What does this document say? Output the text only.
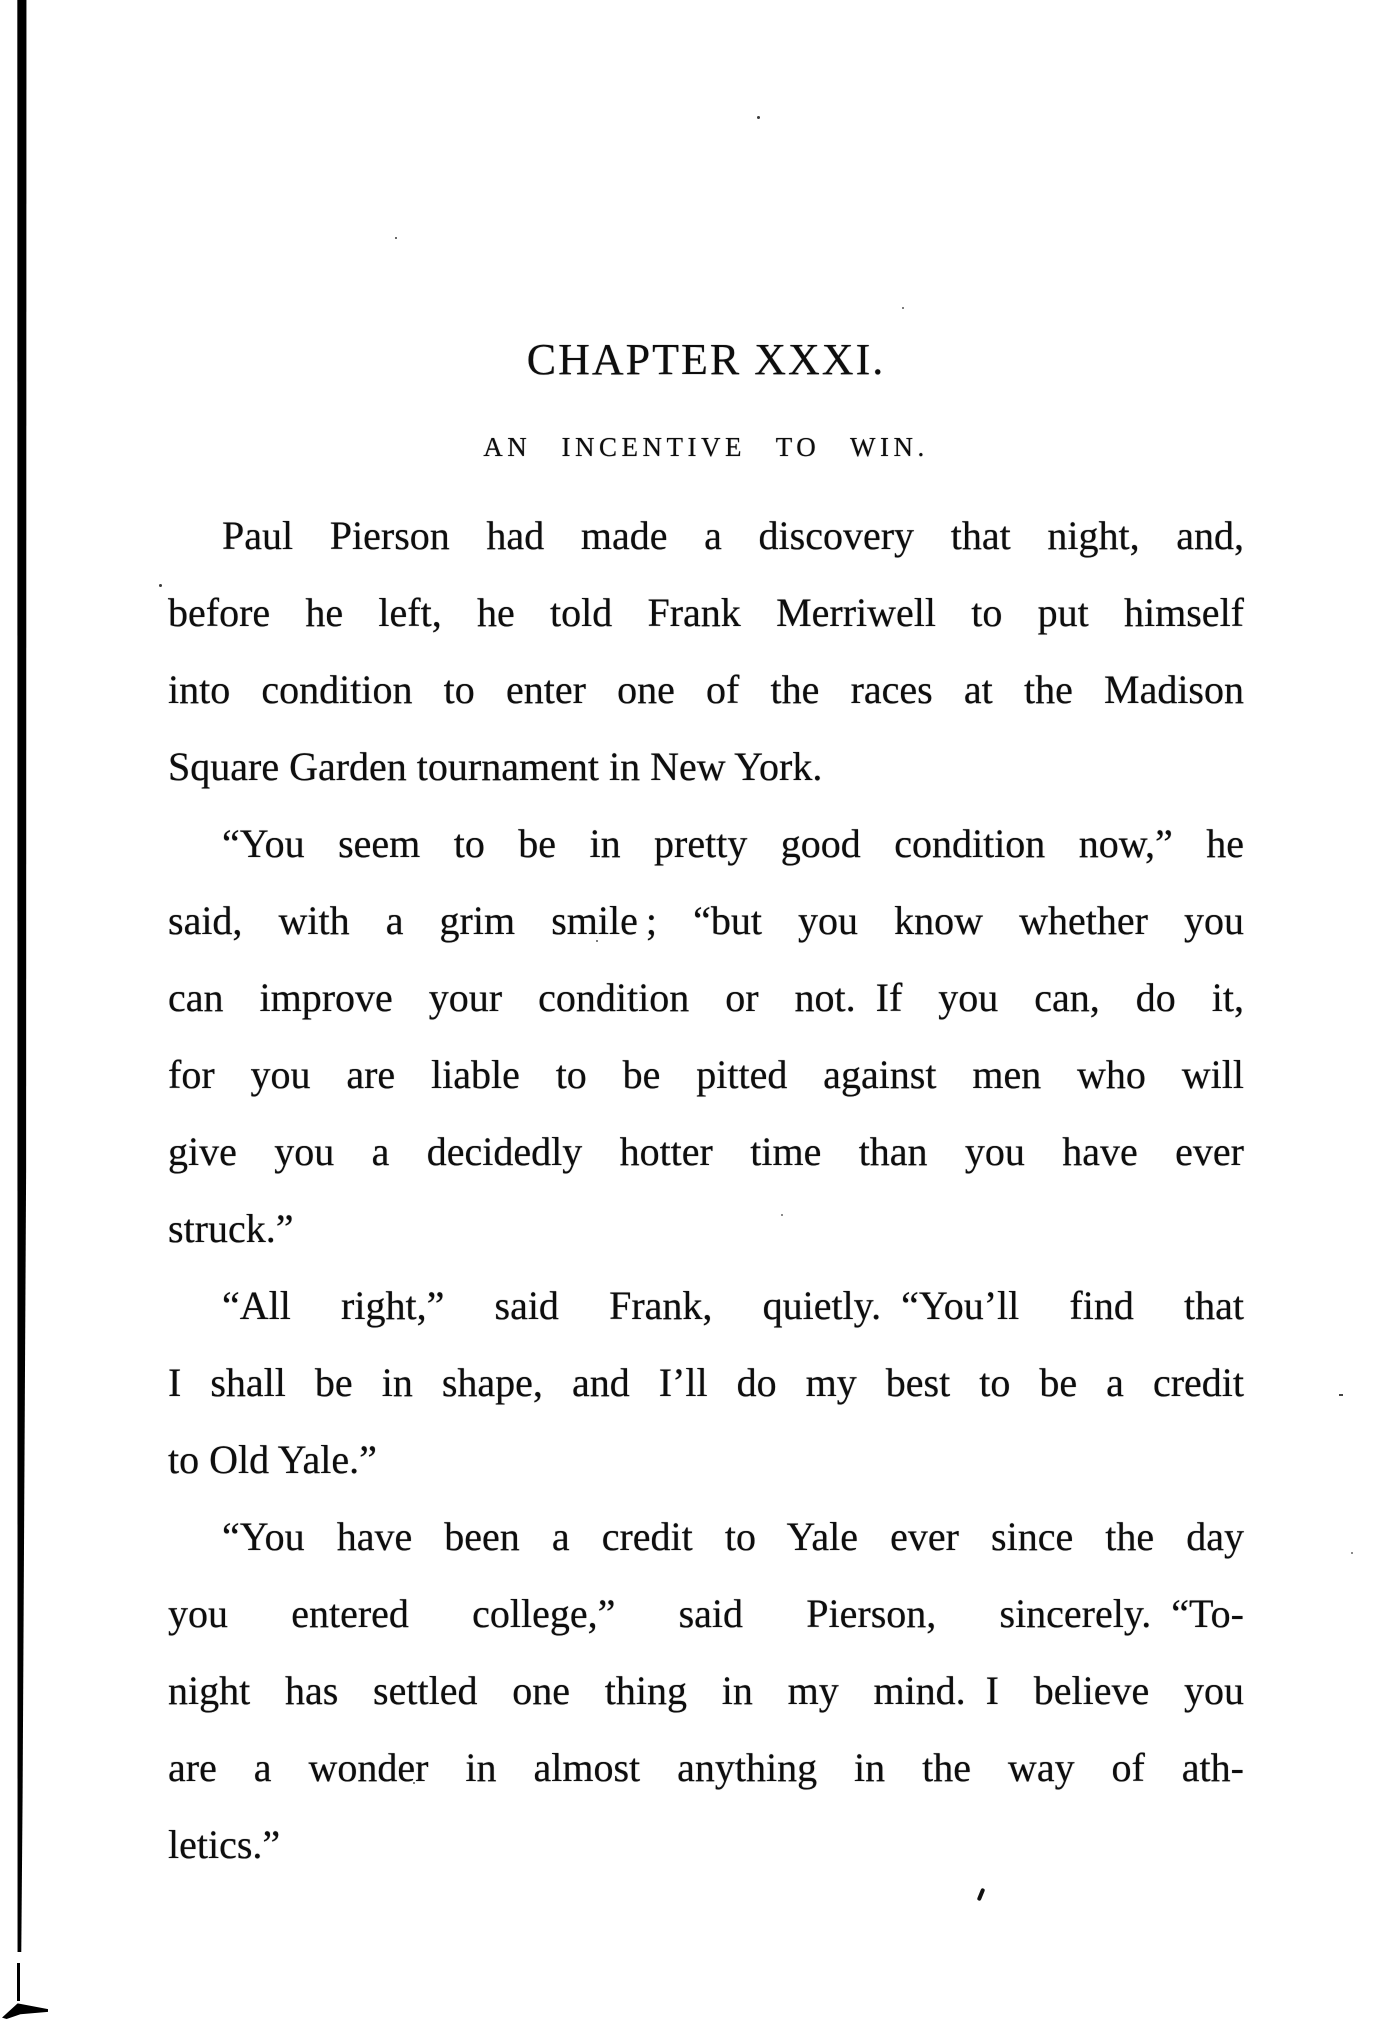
CHAPTER XXXI.
AN INCENTIVE TO WIN.

Paul Pierson had made a discovery that night, and,
before he left, he told Frank Merriwell to put himself
into condition to enter one of the races at the Madison
Square Garden tournament in New York.

“You seem to be in pretty good condition now,” he
said, with a grim smile ; “but you know whether you
can improve your condition or not. If you can, do it,
for you are liable to be pitted against men who will
give you a decidedly hotter time than you have ever
struck.”

“All right,” said Frank, quietly. “You’ll find that
I shall be in shape, and I’ll do my best to be a credit
to Old Yale.”

“You have been a credit to Yale ever since the day
you entered college,” said Pierson, sincerely. “To-
night has settled one thing in my mind. I believe you
are a wonder in almost anything in the way of ath-
letics.”
